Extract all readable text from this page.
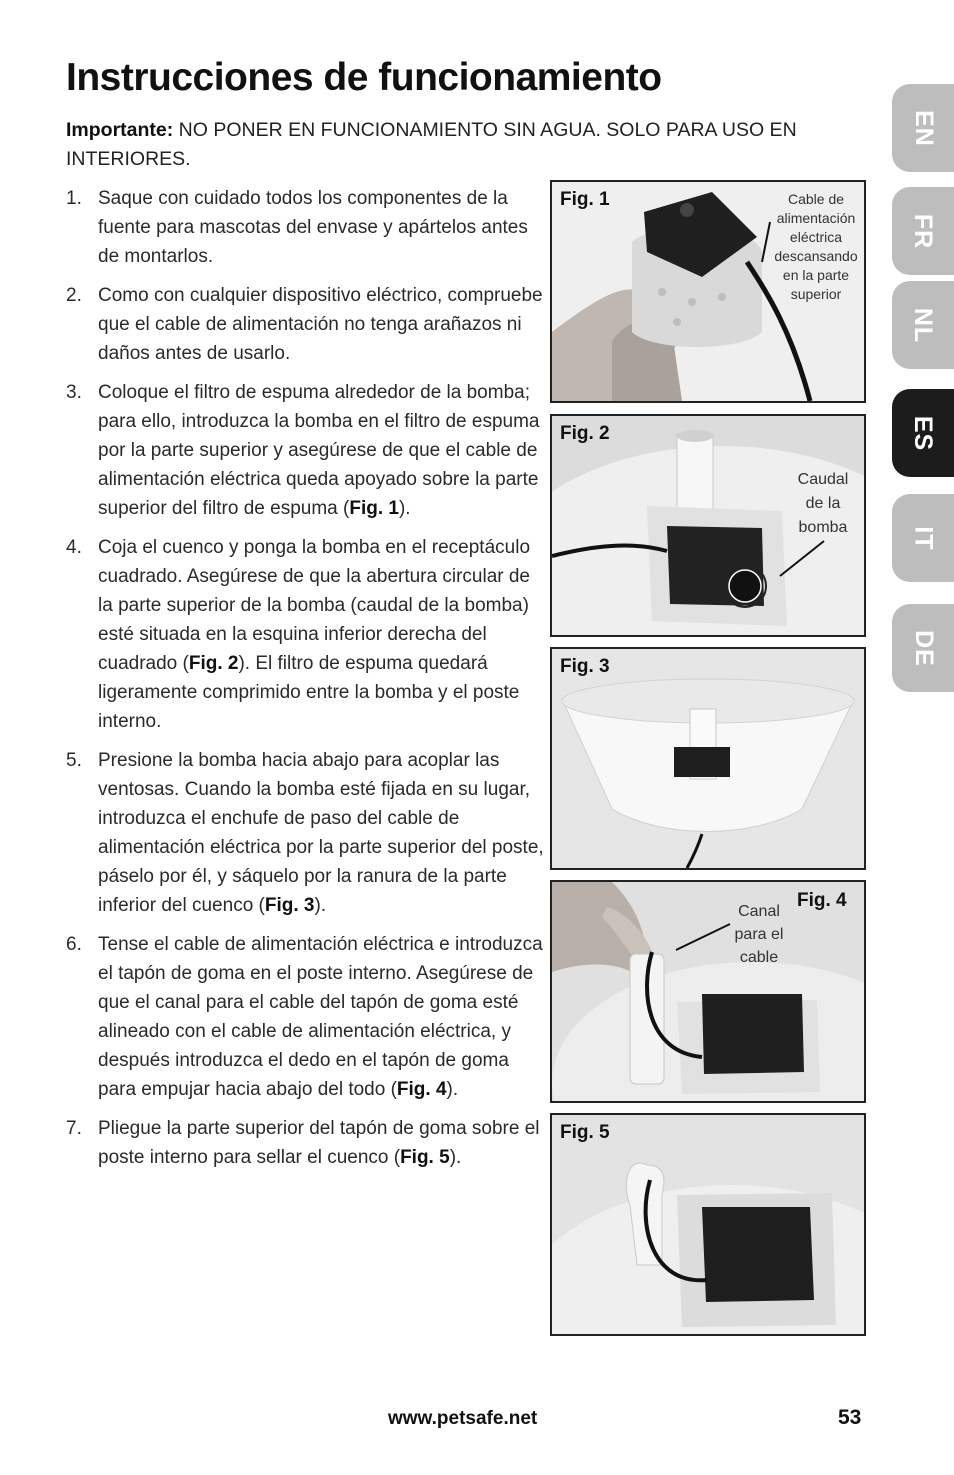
Instrucciones de funcionamiento
Importante: NO PONER EN FUNCIONAMIENTO SIN AGUA. SOLO PARA USO EN INTERIORES.
1. Saque con cuidado todos los componentes de la fuente para mascotas del envase y apártelos antes de montarlos.
2. Como con cualquier dispositivo eléctrico, compruebe que el cable de alimentación no tenga arañazos ni daños antes de usarlo.
3. Coloque el filtro de espuma alrededor de la bomba; para ello, introduzca la bomba en el filtro de espuma por la parte superior y asegúrese de que el cable de alimentación eléctrica queda apoyado sobre la parte superior del filtro de espuma (Fig. 1).
4. Coja el cuenco y ponga la bomba en el receptáculo cuadrado. Asegúrese de que la abertura circular de la parte superior de la bomba (caudal de la bomba) esté situada en la esquina inferior derecha del cuadrado (Fig. 2). El filtro de espuma quedará ligeramente comprimido entre la bomba y el poste interno.
5. Presione la bomba hacia abajo para acoplar las ventosas. Cuando la bomba esté fijada en su lugar, introduzca el enchufe de paso del cable de alimentación eléctrica por la parte superior del poste, páselo por él, y sáquelo por la ranura de la parte inferior del cuenco (Fig. 3).
6. Tense el cable de alimentación eléctrica e introduzca el tapón de goma en el poste interno. Asegúrese de que el canal para el cable del tapón de goma esté alineado con el cable de alimentación eléctrica, y después introduzca el dedo en el tapón de goma para empujar hacia abajo del todo (Fig. 4).
7. Pliegue la parte superior del tapón de goma sobre el poste interno para sellar el cuenco (Fig. 5).
Fig. 1	Cable de alimentación eléctrica descansando en la parte superior
Fig. 2
Caudal de la bomba
Fig. 3
Fig. 4
Canal para el cable
Fig. 5
EN
FR
NL
ES
IT
DE
www.petsafe.net	53
